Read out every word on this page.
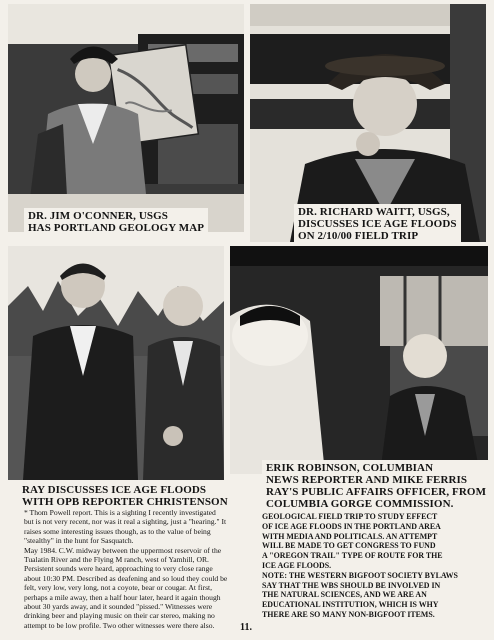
DR. JIM O'CONNER, USGS
HAS PORTLAND GEOLOGY MAP
DR. RICHARD WAITT, USGS,
DISCUSSES ICE AGE FLOODS
ON 2/10/00 FIELD TRIP
RAY DISCUSSES ICE AGE FLOODS
WITH OPB REPORTER CHRISTENSON
ERIK ROBINSON, COLUMBIAN
NEWS REPORTER AND MIKE FERRIS
RAY'S PUBLIC AFFAIRS OFFICER, FROM
COLUMBIA GORGE COMMISSION.

* Thom Powell report. This is a sighting I recently investigated

but is not very recent, nor was it real a sighting, just a "hearing." It

raises some interesting issues though, as to the value of being

"stealthy" in the hunt for Sasquatch.

May 1984. C.W. midway between the uppermost reservoir of the

Tualatin River and the Flying M ranch, west of Yamhill, OR.

Persistent sounds were heard, approaching to very close range

about 10:30 PM. Described as deafening and so loud they could be

felt, very low, very long, not a coyote, bear or cougar. At first,

perhaps a mile away, then a half hour later, heard it again though

about 30 yards away, and it sounded "pissed." Witnesses were

drinking beer and playing music on their car stereo, making no

attempt to be low profile. Two other witnesses were there also.

GEOLOGICAL FIELD TRIP TO STUDY EFFECT

OF ICE AGE FLOODS IN THE PORTLAND AREA

WITH MEDIA AND POLITICALS. AN ATTEMPT

WILL BE MADE TO GET CONGRESS TO FUND

A "OREGON TRAIL" TYPE OF ROUTE FOR THE

ICE AGE FLOODS.

NOTE: THE WESTERN BIGFOOT SOCIETY BYLAWS

SAY THAT THE WBS SHOULD BE INVOLVED IN

THE NATURAL SCIENCES, AND WE ARE AN

EDUCATIONAL INSTITUTION, WHICH IS WHY

THERE ARE SO MANY NON-BIGFOOT ITEMS.

11.
